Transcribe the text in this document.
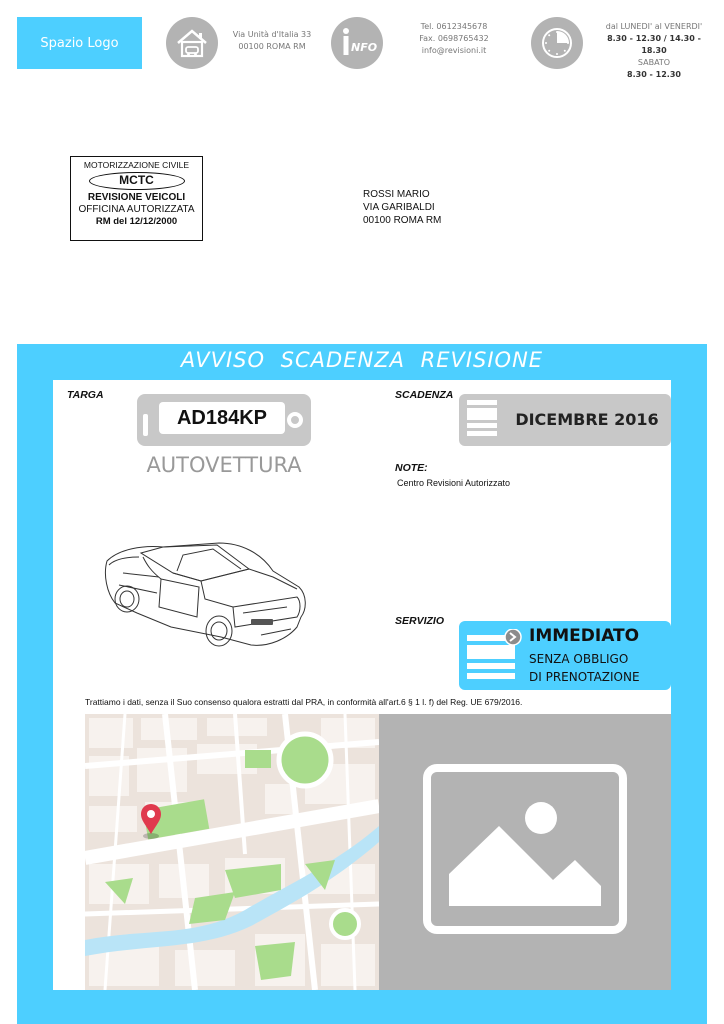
Spazio Logo
Via Unità d'Italia 33
00100 ROMA RM	NFO
Tel. 0612345678
Fax. 0698765432
info@revisioni.it
dal LUNEDI' al VENERDI'
8.30 - 12.30 / 14.30 - 18.30
SABATO
8.30 - 12.30
MOTORIZZAZIONE CIVILE
MCTC
REVISIONE VEICOLI
OFFICINA AUTORIZZATA
RM del 12/12/2000
ROSSI MARIO
VIA GARIBALDI
00100 ROMA RM
AVVISO SCADENZA REVISIONE
TARGA
AD184KP
AUTOVETTURA
SCADENZA
DICEMBRE 2016
NOTE:
Centro Revisioni Autorizzato
SERVIZIO
IMMEDIATO
SENZA OBBLIGO
DI PRENOTAZIONE
Trattiamo i dati, senza il Suo consenso qualora estratti dal PRA, in conformità all'art.6 § 1 l. f) del Reg. UE 679/2016.
